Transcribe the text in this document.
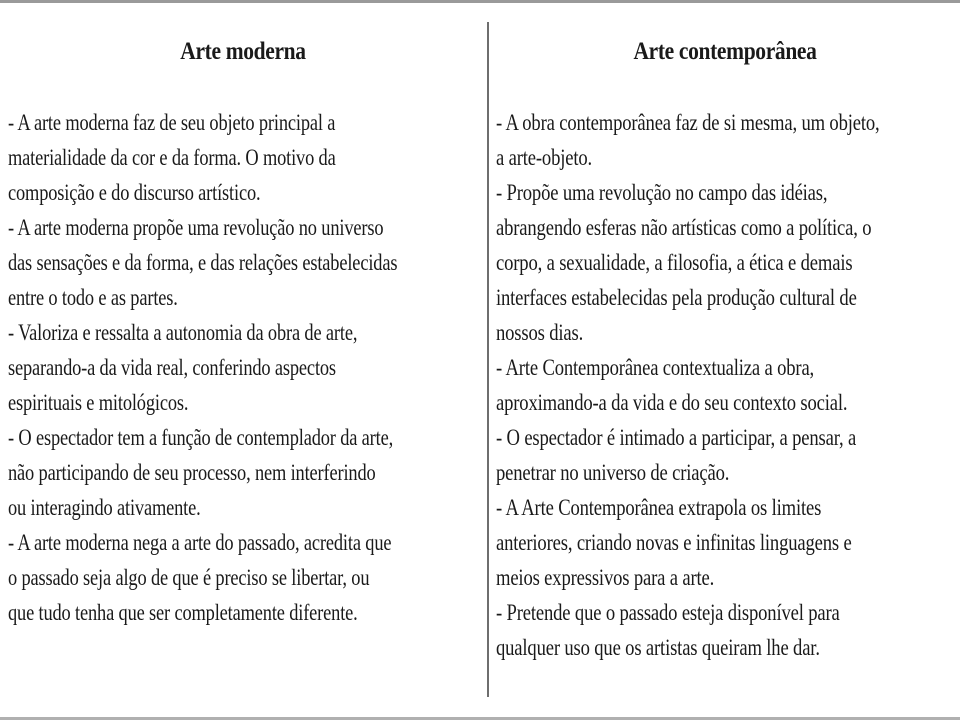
Arte moderna
- A arte moderna faz de seu objeto principal a
materialidade da cor e da forma. O motivo da
composição e do discurso artístico.
- A arte moderna propõe uma revolução no universo
das sensações e da forma, e das relações estabelecidas
entre o todo e as partes.
- Valoriza e ressalta a autonomia da obra de arte,
separando-a da vida real, conferindo aspectos
espirituais e mitológicos.
- O espectador tem a função de contemplador da arte,
não participando de seu processo, nem interferindo
ou interagindo ativamente.
- A arte moderna nega a arte do passado, acredita que
o passado seja algo de que é preciso se libertar, ou
que tudo tenha que ser completamente diferente.
Arte contemporânea
- A obra contemporânea faz de si mesma, um objeto,
a arte-objeto.
- Propõe uma revolução no campo das idéias,
abrangendo esferas não artísticas como a política, o
corpo, a sexualidade, a filosofia, a ética e demais
interfaces estabelecidas pela produção cultural de
nossos dias.
- Arte Contemporânea contextualiza a obra,
aproximando-a da vida e do seu contexto social.
- O espectador é intimado a participar, a pensar, a
penetrar no universo de criação.
- A Arte Contemporânea extrapola os limites
anteriores, criando novas e infinitas linguagens e
meios expressivos para a arte.
- Pretende que o passado esteja disponível para
qualquer uso que os artistas queiram lhe dar.
